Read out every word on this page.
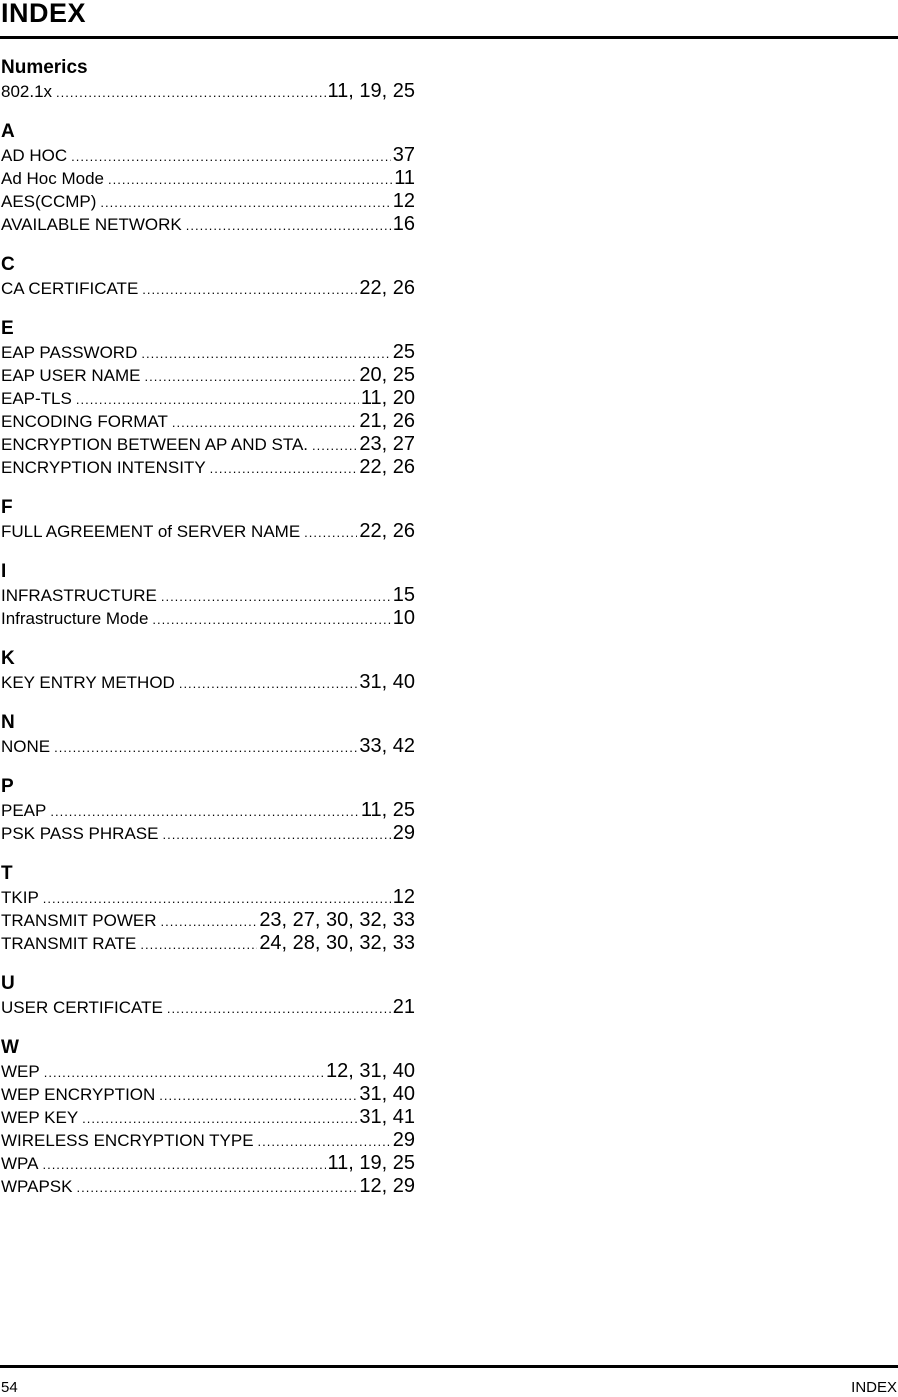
INDEX
Numerics
802.1x .....	11, 19, 25
A
AD HOC .....	37
Ad Hoc Mode .....	11
AES(CCMP) .....	12
AVAILABLE NETWORK .....	16
C
CA CERTIFICATE .....	22, 26
E
EAP PASSWORD .....	25
EAP USER NAME .....	20, 25
EAP-TLS .....	11, 20
ENCODING FORMAT .....	21, 26
ENCRYPTION BETWEEN AP AND STA. .....	23, 27
ENCRYPTION INTENSITY .....	22, 26
F
FULL AGREEMENT of SERVER NAME .....	22, 26
I
INFRASTRUCTURE .....	15
Infrastructure Mode .....	10
K
KEY ENTRY METHOD .....	31, 40
N
NONE .....	33, 42
P
PEAP .....	11, 25
PSK PASS PHRASE .....	29
T
TKIP .....	12
TRANSMIT POWER .....	23, 27, 30, 32, 33
TRANSMIT RATE .....	24, 28, 30, 32, 33
U
USER CERTIFICATE .....	21
W
WEP .....	12, 31, 40
WEP ENCRYPTION .....	31, 40
WEP KEY .....	31, 41
WIRELESS ENCRYPTION TYPE .....	29
WPA .....	11, 19, 25
WPAPSK .....	12, 29
54	INDEX
